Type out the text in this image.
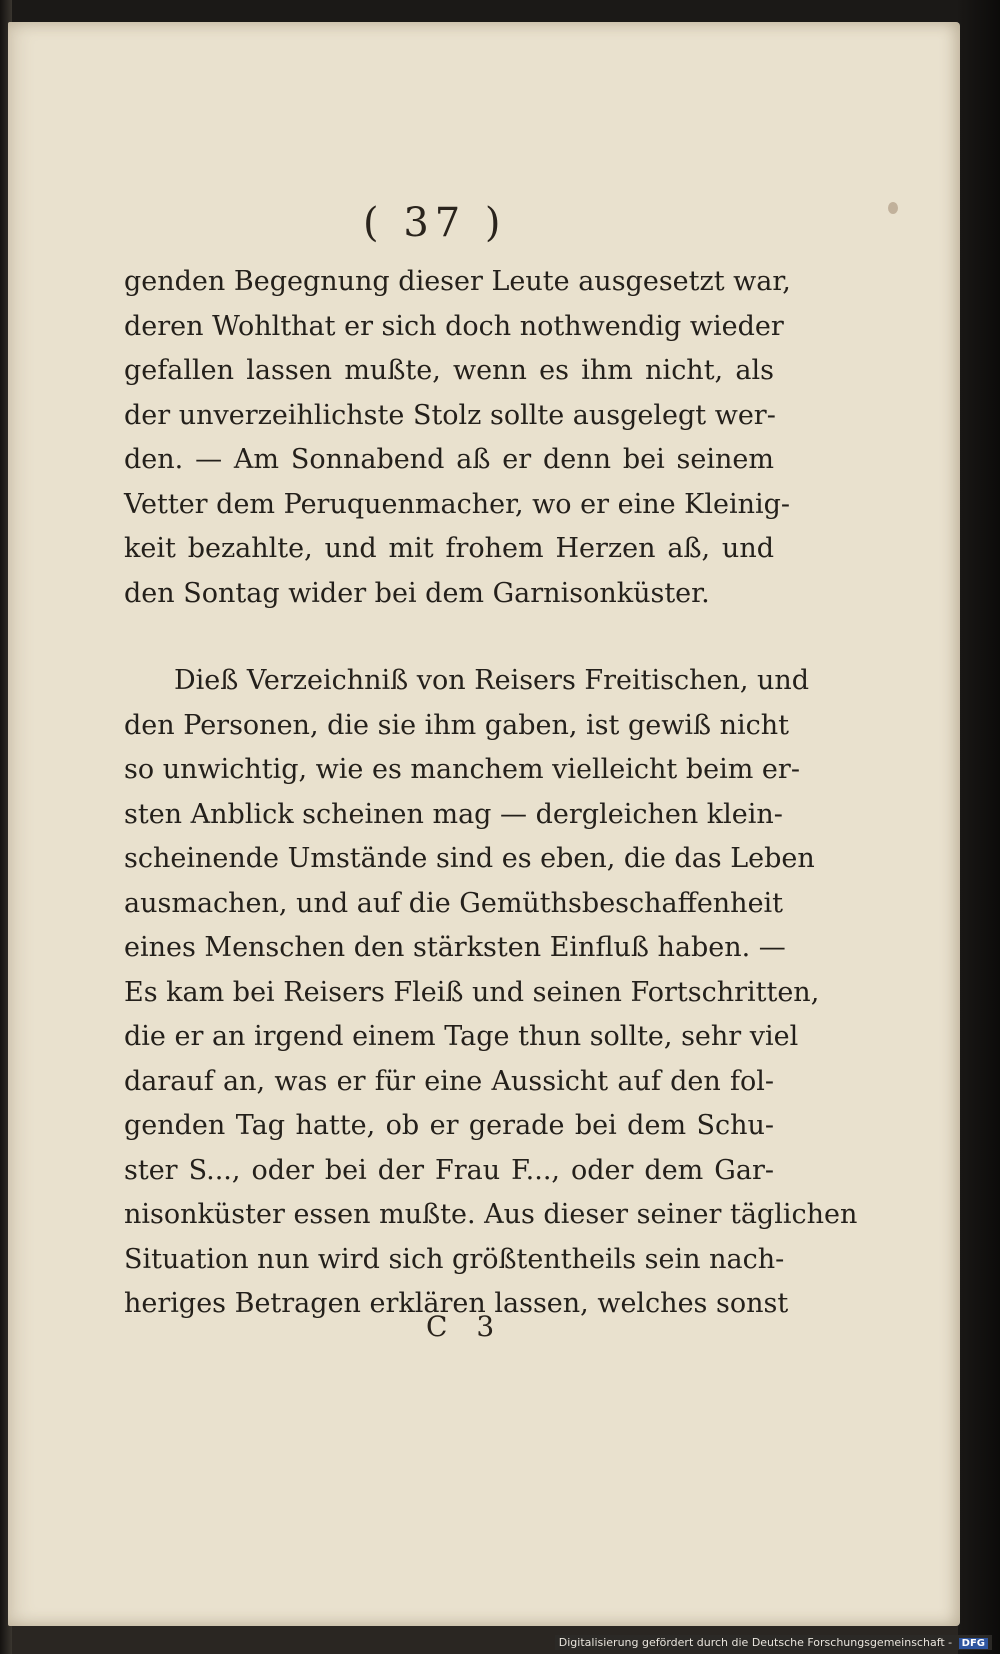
( 37 )
genden Begegnung dieser Leute ausgesetzt war,
deren Wohlthat er sich doch nothwendig wieder
gefallen lassen mußte, wenn es ihm nicht, als
der unverzeihlichste Stolz sollte ausgelegt wer-
den. — Am Sonnabend aß er denn bei seinem
Vetter dem Peruquenmacher, wo er eine Kleinig-
keit bezahlte, und mit frohem Herzen aß, und
den Sontag wider bei dem Garnisonküster.
Dieß Verzeichniß von Reisers Freitischen, und
den Personen, die sie ihm gaben, ist gewiß nicht
so unwichtig, wie es manchem vielleicht beim er-
sten Anblick scheinen mag — dergleichen klein-
scheinende Umstände sind es eben, die das Leben
ausmachen, und auf die Gemüthsbeschaffenheit
eines Menschen den stärksten Einfluß haben. —
Es kam bei Reisers Fleiß und seinen Fortschritten,
die er an irgend einem Tage thun sollte, sehr viel
darauf an, was er für eine Aussicht auf den fol-
genden Tag hatte, ob er gerade bei dem Schu-
ster S..., oder bei der Frau F..., oder dem Gar-
nisonküster essen mußte. Aus dieser seiner täglichen
Situation nun wird sich größtentheils sein nach-
heriges Betragen erklären lassen, welches sonst
C 3
Digitalisierung gefördert durch die Deutsche Forschungsgemeinschaft - DFG
